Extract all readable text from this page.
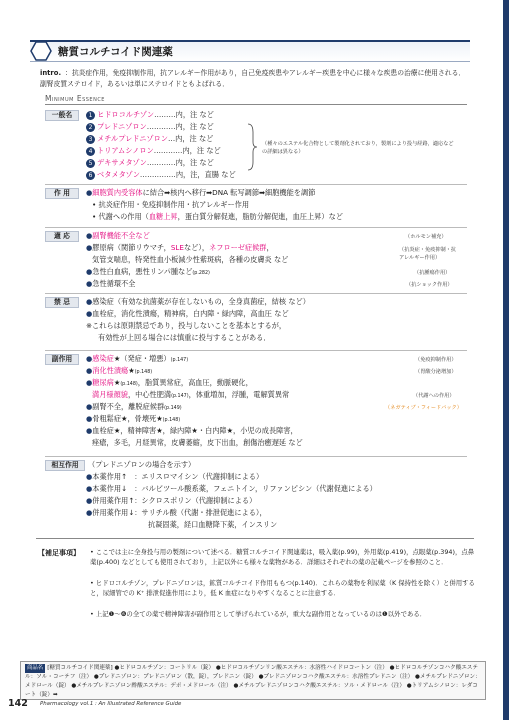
糖質コルチコイド関連薬
intro. ：抗炎症作用，免疫抑制作用，抗アレルギー作用があり，自己免疫疾患やアレルギー疾患を中心に様々な疾患の治療に使用される．副腎皮質ステロイド，あるいは単にステロイドともよばれる．
Minimum Essence
一般名	1 ヒドロコルチゾン………内，注 など
2 プレドニゾロン…………内，注 など
3 メチルプレドニゾロン…内，注 など
4 トリアムシノロン…………内，注 など
5 デキサメタゾン…………内，注 など
6 ベタメタゾン……………内，注，直腸 など
（種々のエステル化合物として製剤化されており，製剤により投与経路，適応などの詳細は異なる）
作 用	●細胞質内受容体に結合➡核内へ移行➡DNA 転写調節➡細胞機能を調節
• 抗炎症作用・免疫抑制作用・抗アレルギー作用
• 代謝への作用（血糖上昇，蛋白質分解促進，脂肪分解促進，血圧上昇）など
適 応	●副腎機能不全など	（ホルモン補充）
●膠原病（関節リウマチ，SLEなど），ネフローゼ症候群，
気管支喘息，特発性血小板減少性紫斑病，各種の皮膚炎 など
（抗炎症・免疫抑制・抗アレルギー作用）
●急性白血病，悪性リンパ腫など(p.282)	（抗腫瘍作用）
●急性循環不全	（抗ショック作用）
禁 忌	●感染症（有効な抗菌薬が存在しないもの，全身真菌症，結核 など）
●血栓症，消化性潰瘍，精神病，白内障・緑内障，高血圧 など
※これらは原則禁忌であり，投与しないことを基本とするが，
有効性が上回る場合には慎重に投与することがある．
副作用	●感染症★（発症・増悪）(p.147)	（免疫抑制作用）
●消化性潰瘍★(p.148)	（胃酸分泌増加）
●糖尿病★(p.148)，脂質異常症，高血圧，動脈硬化，
満月様顔貌，中心性肥満(p.147)，体重増加，浮腫，電解質異常	（代謝への作用）
●副腎不全，離脱症候群(p.149)	（ネガティブ・フィードバック）
●骨粗鬆症★，骨壊死★(p.148)
●血栓症★，精神障害★，緑内障★・白内障★，小児の成長障害，
痤瘡，多毛，月経異常，皮膚萎縮，皮下出血，創傷治癒遅延 など
相互作用	（プレドニゾロンの場合を示す）
●本薬作用↑　：エリスロマイシン（代謝抑制による）
●本薬作用↓　：バルビツール酸系薬，フェニトイン，リファンピシン（代謝促進による）
●併用薬作用↑：シクロスポリン（代謝抑制による）
●併用薬作用↓：サリチル酸（代謝・排泄促進による），
抗凝固薬，経口血糖降下薬，インスリン
【補足事項】 • ここでは主に全身投与用の製剤について述べる．糖質コルチコイド関連薬は，吸入薬(p.99)，外用薬(p.419)，点眼薬(p.394)，点鼻薬(p.400) などとしても使用されており，上記以外にも様々な薬物がある．詳細はそれぞれの薬の記載ページを参照のこと．
• ヒドロコルチゾン，プレドニゾロンは，鉱質コルチコイド作用ももつ(p.140)．これらの薬物を利尿薬（K 保持性を除く）と併用すると，尿細管での K⁺ 排泄促進作用により，低 K 血症になりやすくなることに注意する．
• 上記❶～❻の全ての薬で精神障害が副作用として挙げられているが，重大な副作用となっているのは❶以外である．
商品名 [糖質コルチコイド関連薬] ●ヒドロコルチゾン：コートリル（錠） ●ヒドロコルチゾンリン酸エステル：水溶性ハイドロコートン（注） ●ヒドロコルチゾンコハク酸エステル：ソル・コーテフ（注） ●プレドニゾロン：プレドニゾロン（散，錠），プレドニン（錠） ●プレドニゾロンコハク酸エステル：水溶性プレドニン（注） ●メチルプレドニゾロン：メドロール（錠） ●メチルプレドニゾロン酢酸エステル：デポ・メドロール（注） ●メチルプレドニゾロンコハク酸エステル：ソル・メドロール（注） ●トリアムシノロン：レダコート（錠）➡
142 Pharmacology vol.1 : An Illustrated Reference Guide
